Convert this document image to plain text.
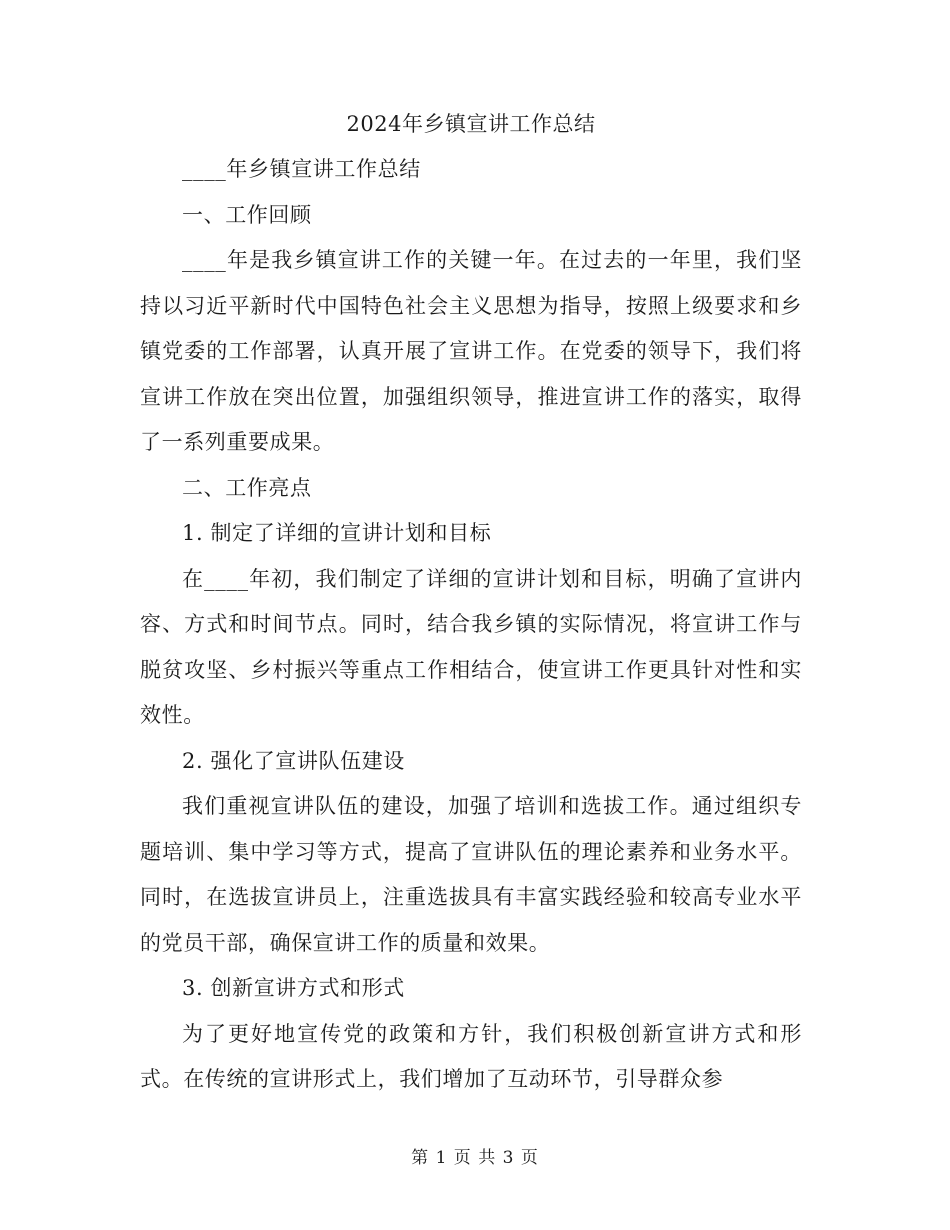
2024年乡镇宣讲工作总结

____年乡镇宣讲工作总结

一、工作回顾

____年是我乡镇宣讲工作的关键一年。在过去的一年里，我们坚持以习近平新时代中国特色社会主义思想为指导，按照上级要求和乡镇党委的工作部署，认真开展了宣讲工作。在党委的领导下，我们将宣讲工作放在突出位置，加强组织领导，推进宣讲工作的落实，取得了一系列重要成果。

二、工作亮点

1. 制定了详细的宣讲计划和目标

在____年初，我们制定了详细的宣讲计划和目标，明确了宣讲内容、方式和时间节点。同时，结合我乡镇的实际情况，将宣讲工作与脱贫攻坚、乡村振兴等重点工作相结合，使宣讲工作更具针对性和实效性。

2. 强化了宣讲队伍建设

我们重视宣讲队伍的建设，加强了培训和选拔工作。通过组织专题培训、集中学习等方式，提高了宣讲队伍的理论素养和业务水平。同时，在选拔宣讲员上，注重选拔具有丰富实践经验和较高专业水平的党员干部，确保宣讲工作的质量和效果。

3. 创新宣讲方式和形式

为了更好地宣传党的政策和方针，我们积极创新宣讲方式和形式。在传统的宣讲形式上，我们增加了互动环节，引导群众参

第 1 页 共 3 页
